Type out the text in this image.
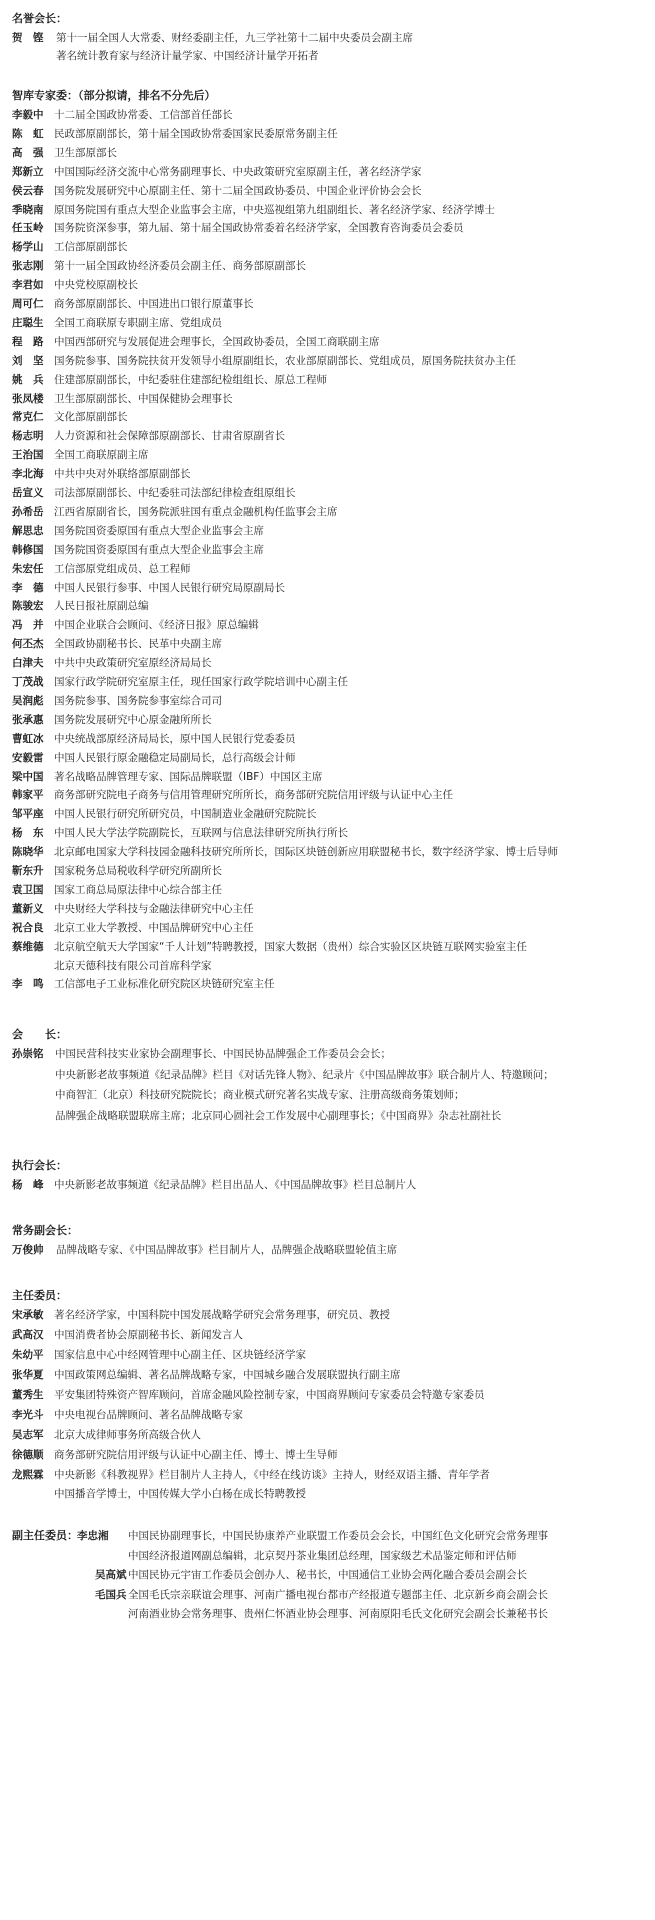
名誉会长：
贺　铿 第十一届全国人大常委、财经委副主任，九三学社第十二届中央委员会副主席
著名统计教育家与经济计量学家、中国经济计量学开拓者
智库专家委：（部分拟请，排名不分先后）
李毅中 十二届全国政协常委、工信部首任部长
陈　虹 民政部原副部长，第十届全国政协常委国家民委原常务副主任
高　强 卫生部原部长
郑新立 中国国际经济交流中心常务副理事长、中央政策研究室原副主任，著名经济学家
侯云春 国务院发展研究中心原副主任、第十二届全国政协委员、中国企业评价协会会长
季晓南 原国务院国有重点大型企业监事会主席，中央巡视组第九组副组长、著名经济学家、经济学博士
任玉岭 国务院资深参事，第九届、第十届全国政协常委着名经济学家，全国教育咨询委员会委员
杨学山 工信部原副部长
张志刚 第十一届全国政协经济委员会副主任、商务部原副部长
李君如 中央党校原副校长
周可仁 商务部原副部长、中国进出口银行原董事长
庄聪生 全国工商联原专职副主席、党组成员
程　路 中国西部研究与发展促进会理事长，全国政协委员，全国工商联副主席
刘　坚 国务院参事、国务院扶贫开发领导小组原副组长，农业部原副部长、党组成员，原国务院扶贫办主任
姚　兵 住建部原副部长，中纪委驻住建部纪检组组长、原总工程师
张凤楼 卫生部原副部长、中国保健协会理事长
常克仁 文化部原副部长
杨志明 人力资源和社会保障部原副部长、甘肃省原副省长
王治国 全国工商联原副主席
李北海 中共中央对外联络部原副部长
岳宣义 司法部原副部长、中纪委驻司法部纪律检查组原组长
孙希岳 江西省原副省长，国务院派驻国有重点金融机构任监事会主席
解思忠 国务院国资委原国有重点大型企业监事会主席
韩修国 国务院国资委原国有重点大型企业监事会主席
朱宏任 工信部原党组成员、总工程师
李　德 中国人民银行参事、中国人民银行研究局原副局长
陈骏宏 人民日报社原副总编
冯　并 中国企业联合会顾问、《经济日报》原总编辑
何丕杰 全国政协副秘书长、民革中央副主席
白津夫 中共中央政策研究室原经济局局长
丁茂战 国家行政学院研究室原主任，现任国家行政学院培训中心副主任
吴润彪 国务院参事、国务院参事室综合司司
张承惠 国务院发展研究中心原金融所所长
曹虹冰 中央统战部原经济局局长，原中国人民银行党委委员
安毅雷 中国人民银行原金融稳定局副局长，总行高级会计师
梁中国 著名战略品牌管理专家、国际品牌联盟（IBF）中国区主席
韩家平 商务部研究院电子商务与信用管理研究所所长，商务部研究院信用评级与认证中心主任
邹平座 中国人民银行研究所研究员，中国制造业金融研究院院长
杨　东 中国人民大学法学院副院长，互联网与信息法律研究所执行所长
陈晓华 北京邮电国家大学科技园金融科技研究所所长，国际区块链创新应用联盟秘书长，数字经济学家、博士后导师
靳东升 国家税务总局税收科学研究所副所长
袁卫国 国家工商总局原法律中心综合部主任
董新义 中央财经大学科技与金融法律研究中心主任
祝合良 北京工业大学教授、中国品牌研究中心主任
蔡维德 北京航空航天大学国家“千人计划”特聘教授，国家大数据（贵州）综合实验区区块链互联网实验室主任
北京天德科技有限公司首席科学家
李　鸣 工信部电子工业标准化研究院区块链研究室主任
会　　长：
孙崇铭 中国民营科技实业家协会副理事长、中国民协品牌强企工作委员会会长；
中央新影老故事频道《纪录品牌》栏目《对话先锋人物》、纪录片《中国品牌故事》联合制片人、特邀顾问；
中商智汇（北京）科技研究院院长；商业模式研究著名实战专家、注册高级商务策划师；
品牌强企战略联盟联席主席；北京同心圆社会工作发展中心副理事长；《中国商界》杂志社副社长
执行会长：
杨　峰 中央新影老故事频道《纪录品牌》栏目出品人、《中国品牌故事》栏目总制片人
常务副会长：
万俊帅 品牌战略专家、《中国品牌故事》栏目制片人，品牌强企战略联盟轮值主席
主任委员：
宋承敏 著名经济学家，中国科院中国发展战略学研究会常务理事，研究员、教授
武高汉 中国消费者协会原副秘书长、新闻发言人
朱幼平 国家信息中心中经网管理中心副主任、区块链经济学家
张华夏 中国政策网总编辑、著名品牌战略专家，中国城乡融合发展联盟执行副主席
董秀生 平安集团特殊资产智库顾问，首席金融风险控制专家，中国商界顾问专家委员会特邀专家委员
李光斗 中央电视台品牌顾问、著名品牌战略专家
吴志军 北京大成律师事务所高级合伙人
徐德顺 商务部研究院信用评级与认证中心副主任、博士、博士生导师
龙熙霖 中央新影《科教视界》栏目制片人主持人，《中经在线访谈》主持人，财经双语主播、青年学者
中国播音学博士，中国传媒大学小白杨在成长特聘教授
副主任委员： 李忠湘 中国民协副理事长，中国民协康养产业联盟工作委员会会长，中国红色文化研究会常务理事
中国经济报道网副总编辑，北京契丹茶业集团总经理，国家级艺术品鉴定师和评估师
吴高斌 中国民协元宇宙工作委员会创办人、秘书长，中国通信工业协会两化融合委员会副会长
毛国兵 全国毛氏宗亲联谊会理事、河南广播电视台都市产经报道专题部主任、北京新乡商会副会长
河南酒业协会常务理事、贵州仁怀酒业协会理事、河南原阳毛氏文化研究会副会长兼秘书长
